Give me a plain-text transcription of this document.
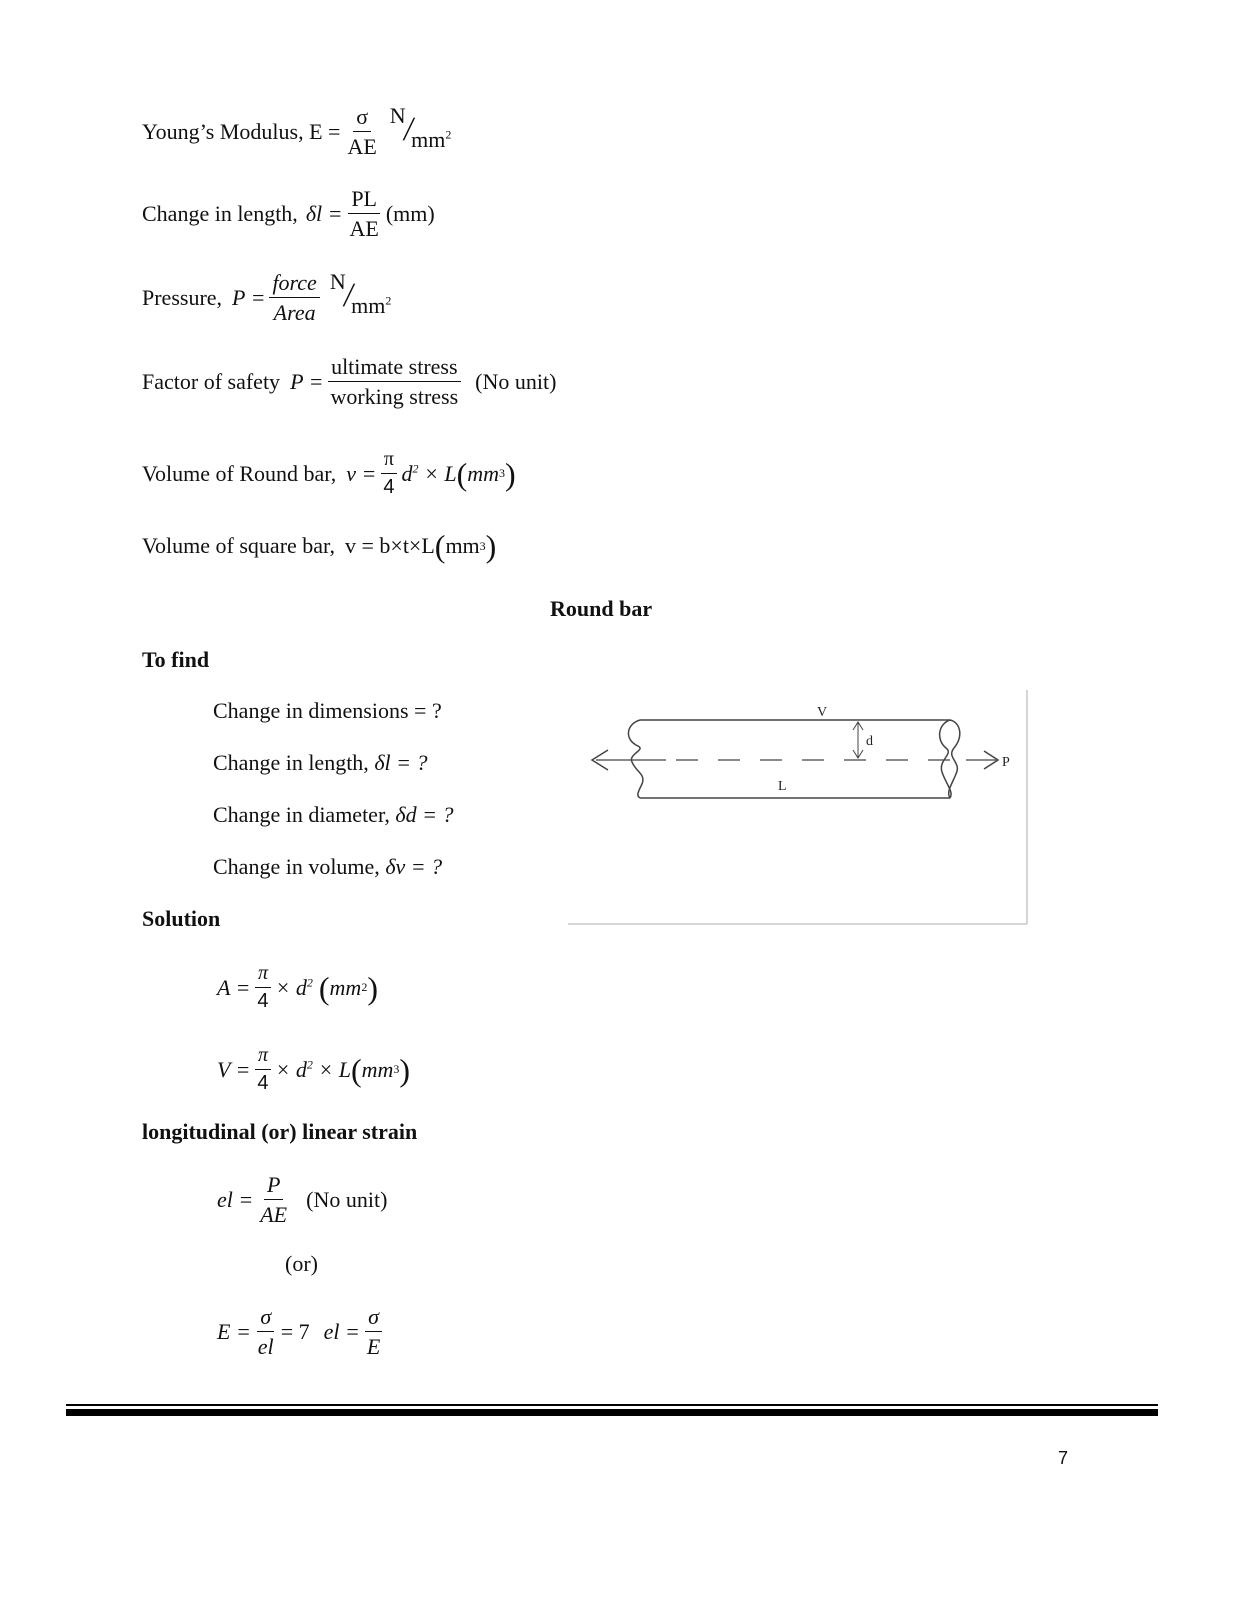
Young’s Modulus, $E = \frac{\sigma}{AE}$ N
/
$mm^2$
Change in length, $\delta l = \frac{PL}{AE} (mm)$
Pressure, $P = \frac{\text{force}}{\text{Area}}$ N
/
$mm^2$
Factor of safety $P = \frac{\text{ultimate stress}}{\text{working stress}} (No$ unit)
Volume of Round bar, $v = \frac{\pi}{4} d^2 \times L$ ( mm 3 )
Volume of square bar, v = b×t×L ( mm 3 )
Round bar
To find
Change in dimensions = ?
Change in length, δl = ?
Change in diameter, δd = ?
Change in volume, δv = ?
V
d
L
P
Solution
$A = \frac{\pi}{4} \times d^2$ ( mm 2 )
$V = \frac{\pi}{4} \times d^2 \times L$ ( mm 3 )
longitudinal (or) linear strain
el = $\frac{P}{AE} (No$ unit)
(or)
$E = \frac{\sigma}{el} = 7$ el = $\frac{\sigma}{E}$
7
